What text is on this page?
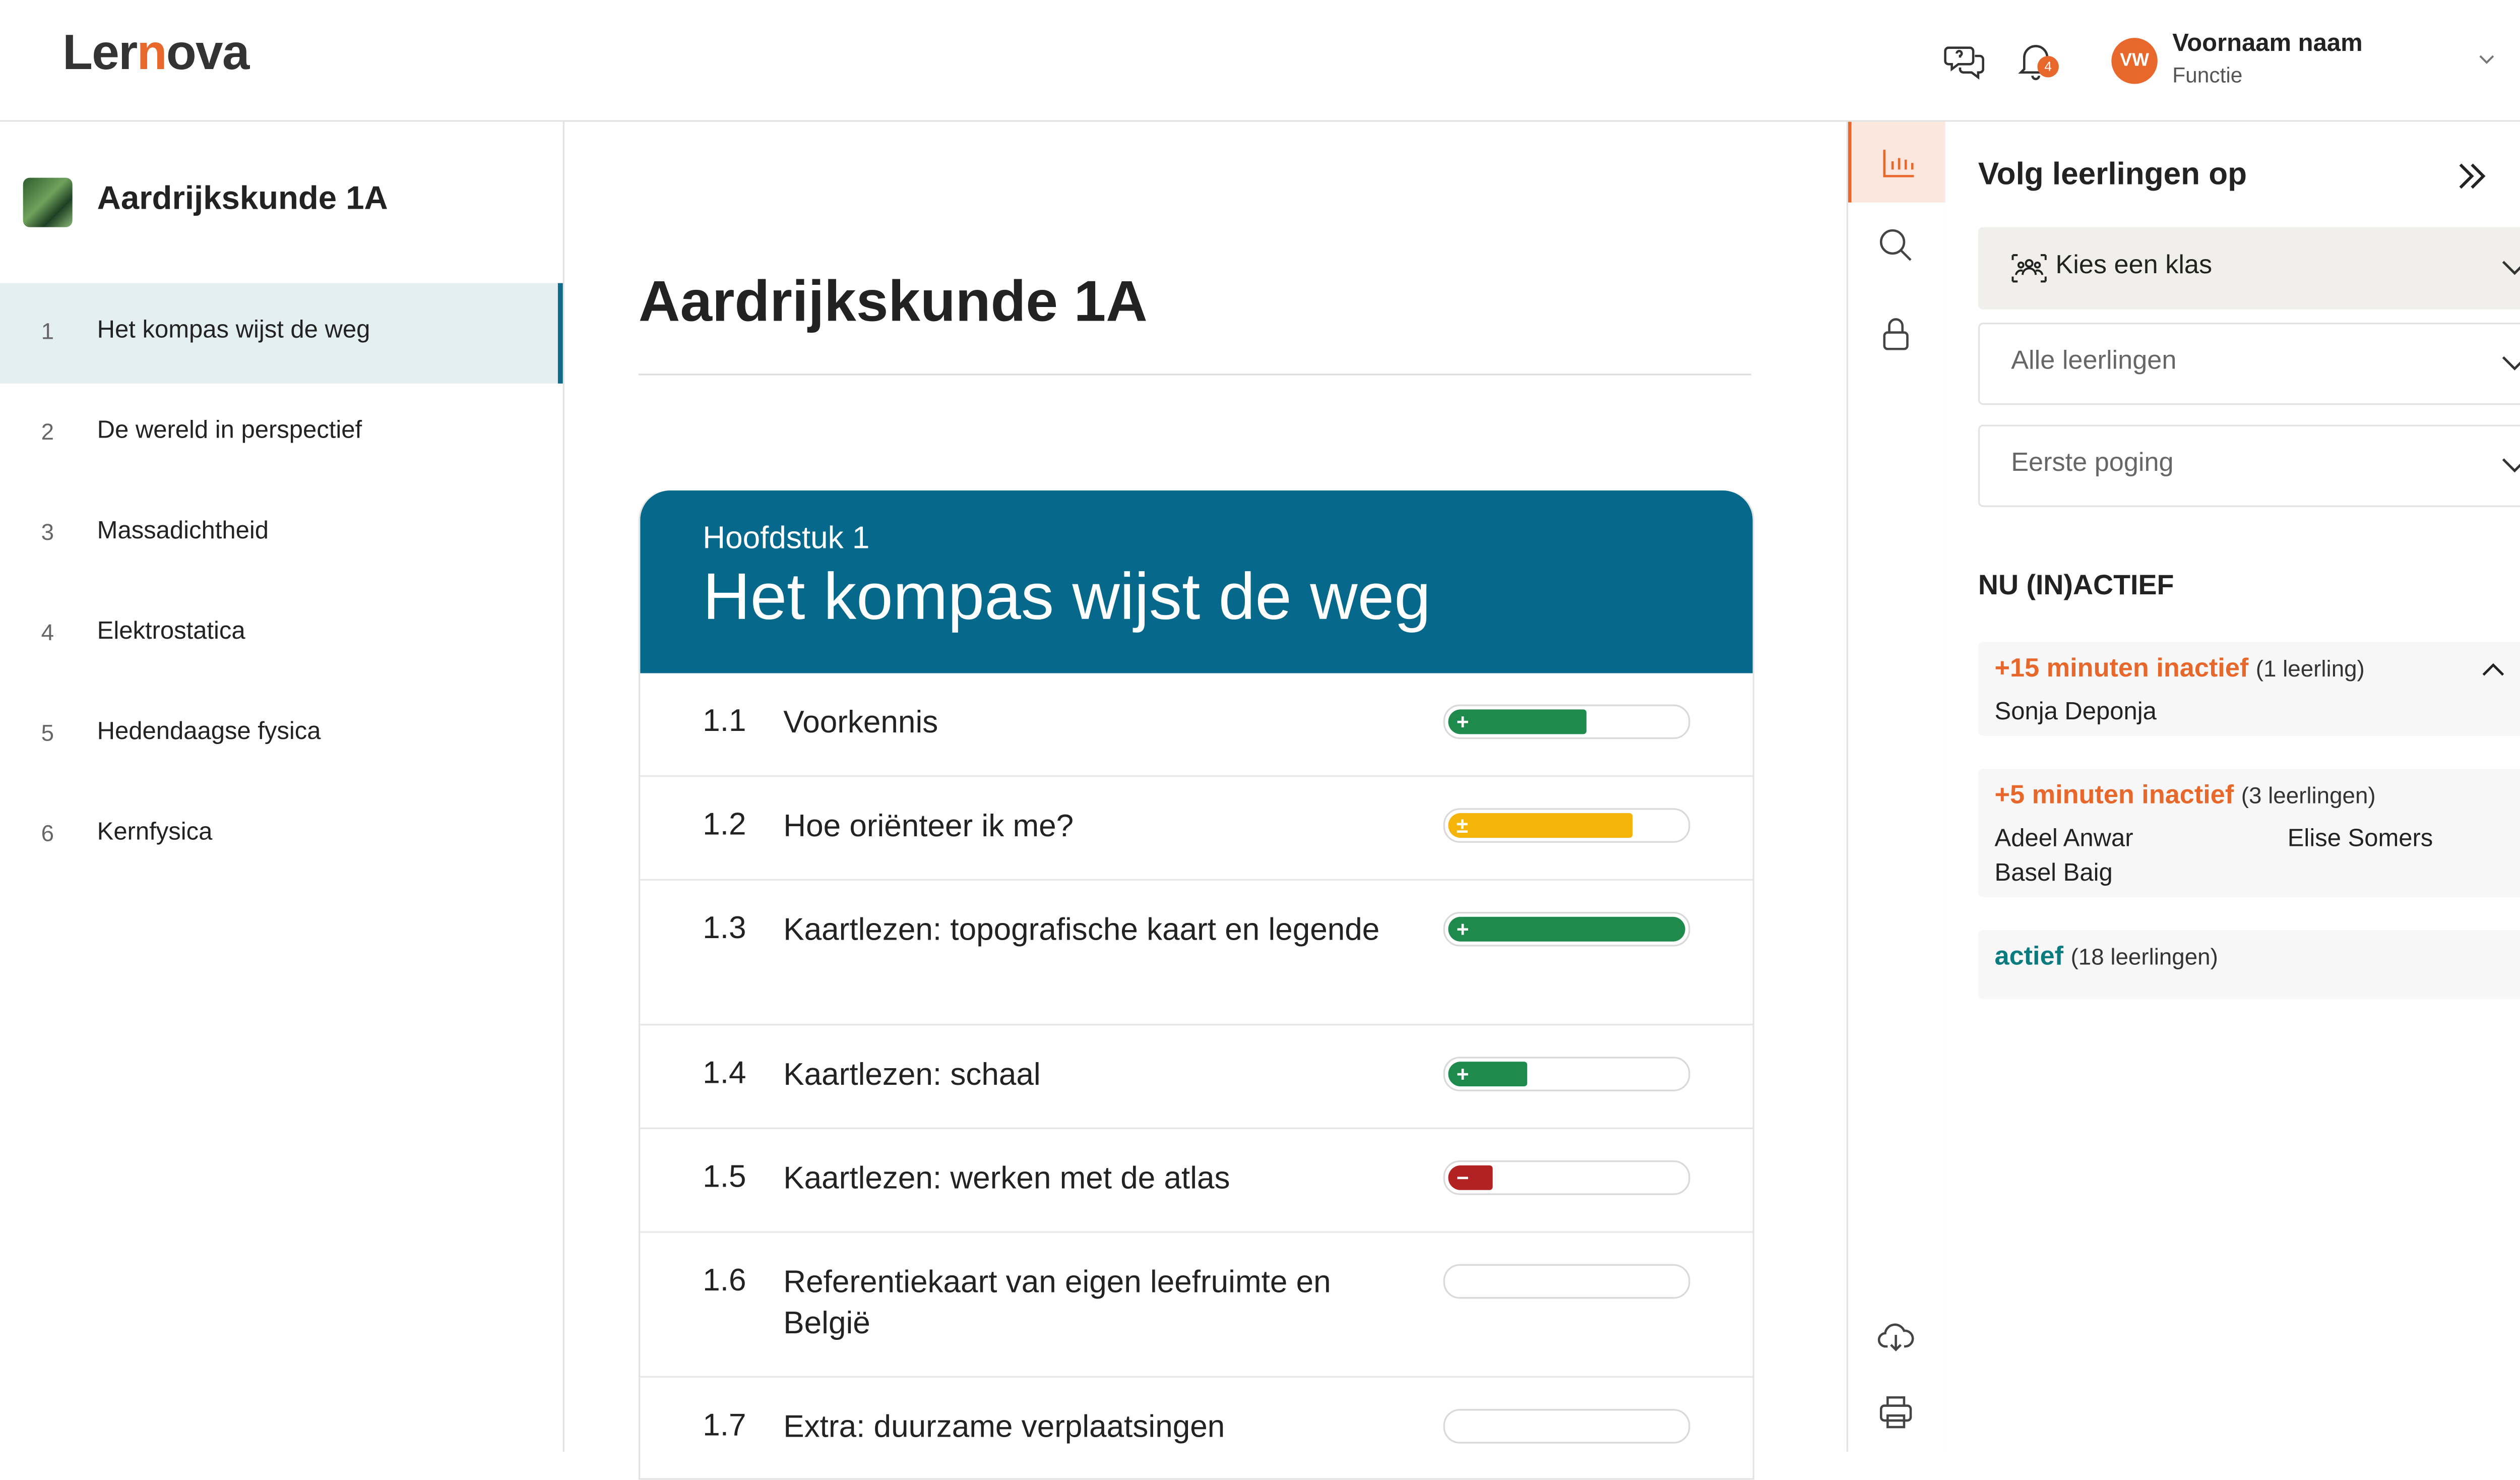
Lernova	4	VW
Voornaam naam
Functie
Aardrijkskunde 1A
1	Het kompas wijst de weg
2	De wereld in perspectief
3	Massadichtheid
4	Elektrostatica
5	Hedendaagse fysica
6	Kernfysica
Aardrijkskunde 1A
Hoofdstuk 1
Het kompas wijst de weg
1.1	Voorkennis	+
1.2	Hoe oriënteer ik me?	±
1.3	Kaartlezen: topografische kaart en legende	+
1.4	Kaartlezen: schaal	+
1.5	Kaartlezen: werken met de atlas	−
1.6	Referentiekaart van eigen leefruimte en België
1.7	Extra: duurzame verplaatsingen
Volg leerlingen op
Kies een klas
Alle leerlingen
Eerste poging
NU (IN)ACTIEF
+15 minuten inactief (1 leerling)
Sonja Deponja
+5 minuten inactief (3 leerlingen)
Adeel Anwar	Elise Somers
Basel Baig
actief (18 leerlingen)
